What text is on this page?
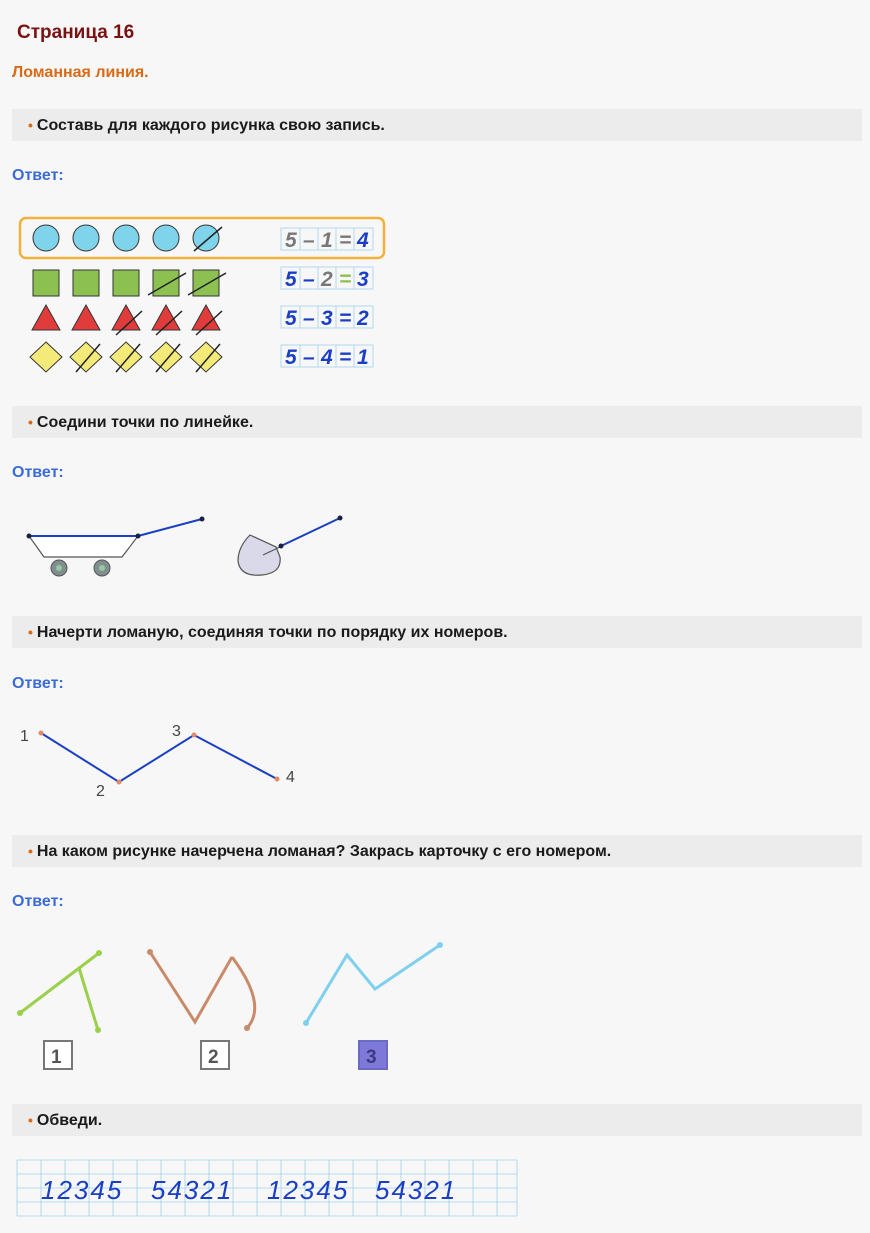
Страница 16
Ломанная линия.
• Составь для каждого рисунка свою запись.
Ответ:
5 – 1 = 4
5 – 2 = 3
5 – 3 = 2
5 – 4 = 1
• Соедини точки по линейке.
Ответ:
• Начерти ломаную, соединяя точки по порядку их номеров.
Ответ:
1
2
3
4
• На каком рисунке начерчена ломаная? Закрась карточку с его номером.
Ответ:
1	2	3
• Обведи.
12345 54321 12345 54321
